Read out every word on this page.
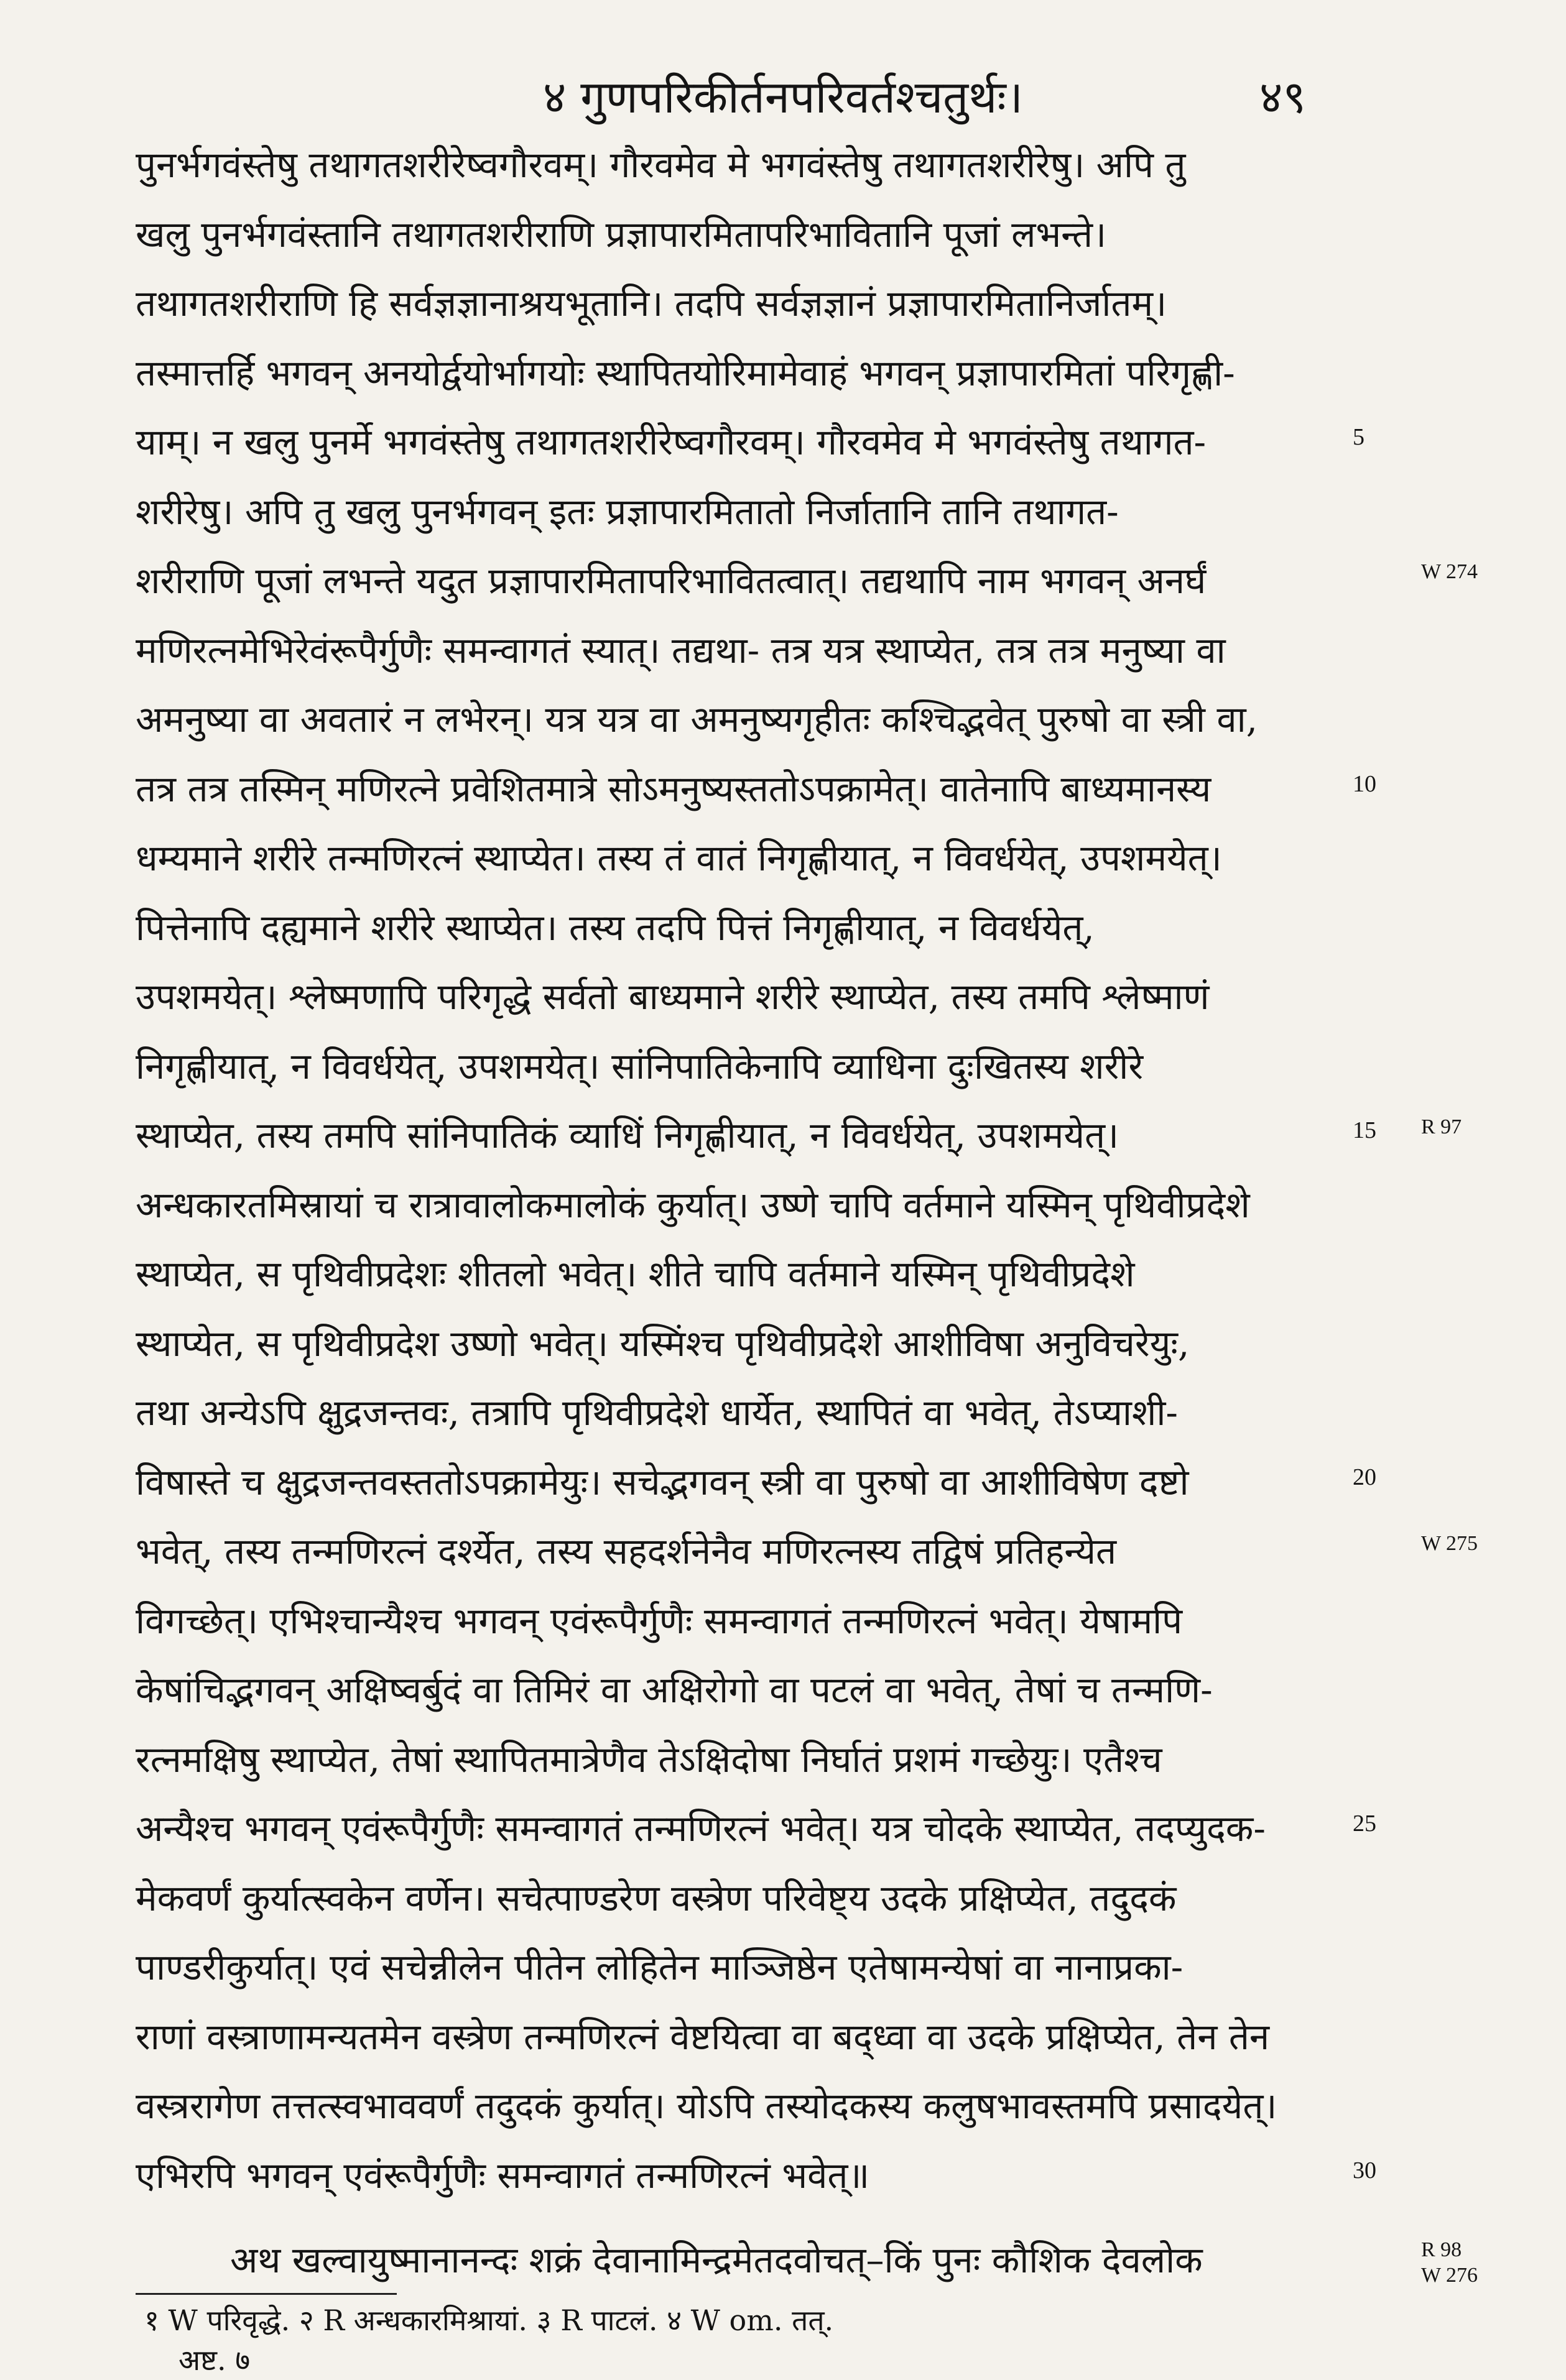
४ गुणपरिकीर्तनपरिवर्तश्चतुर्थः।	४९
पुनर्भगवंस्तेषु तथागतशरीरेष्वगौरवम्। गौरवमेव मे भगवंस्तेषु तथागतशरीरेषु। अपि तु
खलु पुनर्भगवंस्तानि तथागतशरीराणि प्रज्ञापारमितापरिभावितानि पूजां लभन्ते।
तथागतशरीराणि हि सर्वज्ञज्ञानाश्रयभूतानि। तदपि सर्वज्ञज्ञानं प्रज्ञापारमितानिर्जातम्।
तस्मात्तर्हि भगवन् अनयोर्द्वयोर्भागयोः स्थापितयोरिमामेवाहं भगवन् प्रज्ञापारमितां परिगृह्णी-
याम्। न खलु पुनर्मे भगवंस्तेषु तथागतशरीरेष्वगौरवम्। गौरवमेव मे भगवंस्तेषु तथागत-
शरीरेषु। अपि तु खलु पुनर्भगवन् इतः प्रज्ञापारमितातो निर्जातानि तानि तथागत-
शरीराणि पूजां लभन्ते यदुत प्रज्ञापारमितापरिभावितत्वात्। तद्यथापि नाम भगवन् अनर्घं
मणिरत्नमेभिरेवंरूपैर्गुणैः समन्वागतं स्यात्। तद्यथा- तत्र यत्र स्थाप्येत, तत्र तत्र मनुष्या वा
अमनुष्या वा अवतारं न लभेरन्। यत्र यत्र वा अमनुष्यगृहीतः कश्चिद्भवेत् पुरुषो वा स्त्री वा,
तत्र तत्र तस्मिन् मणिरत्ने प्रवेशितमात्रे सोऽमनुष्यस्ततोऽपक्रामेत्। वातेनापि बाध्यमानस्य
धम्यमाने शरीरे तन्मणिरत्नं स्थाप्येत। तस्य तं वातं निगृह्णीयात्, न विवर्धयेत्, उपशमयेत्।
पित्तेनापि दह्यमाने शरीरे स्थाप्येत। तस्य तदपि पित्तं निगृह्णीयात्, न विवर्धयेत्,
उपशमयेत्। श्लेष्मणापि परिगृद्धे सर्वतो बाध्यमाने शरीरे स्थाप्येत, तस्य तमपि श्लेष्माणं
निगृह्णीयात्, न विवर्धयेत्, उपशमयेत्। सांनिपातिकेनापि व्याधिना दुःखितस्य शरीरे
स्थाप्येत, तस्य तमपि सांनिपातिकं व्याधिं निगृह्णीयात्, न विवर्धयेत्, उपशमयेत्।
अन्धकारतमिस्रायां च रात्रावालोकमालोकं कुर्यात्। उष्णे चापि वर्तमाने यस्मिन् पृथिवीप्रदेशे
स्थाप्येत, स पृथिवीप्रदेशः शीतलो भवेत्। शीते चापि वर्तमाने यस्मिन् पृथिवीप्रदेशे
स्थाप्येत, स पृथिवीप्रदेश उष्णो भवेत्। यस्मिंश्च पृथिवीप्रदेशे आशीविषा अनुविचरेयुः,
तथा अन्येऽपि क्षुद्रजन्तवः, तत्रापि पृथिवीप्रदेशे धार्येत, स्थापितं वा भवेत्, तेऽप्याशी-
विषास्ते च क्षुद्रजन्तवस्ततोऽपक्रामेयुः। सचेद्भगवन् स्त्री वा पुरुषो वा आशीविषेण दष्टो
भवेत्, तस्य तन्मणिरत्नं दर्श्येत, तस्य सहदर्शनेनैव मणिरत्नस्य तद्विषं प्रतिहन्येत
विगच्छेत्। एभिश्चान्यैश्च भगवन् एवंरूपैर्गुणैः समन्वागतं तन्मणिरत्नं भवेत्। येषामपि
केषांचिद्भगवन् अक्षिष्वर्बुदं वा तिमिरं वा अक्षिरोगो वा पटलं वा भवेत्, तेषां च तन्मणि-
रत्नमक्षिषु स्थाप्येत, तेषां स्थापितमात्रेणैव तेऽक्षिदोषा निर्घातं प्रशमं गच्छेयुः। एतैश्च
अन्यैश्च भगवन् एवंरूपैर्गुणैः समन्वागतं तन्मणिरत्नं भवेत्। यत्र चोदके स्थाप्येत, तदप्युदक-
मेकवर्णं कुर्यात्स्वकेन वर्णेन। सचेत्पाण्डरेण वस्त्रेण परिवेष्ट्य उदके प्रक्षिप्येत, तदुदकं
पाण्डरीकुर्यात्। एवं सचेन्नीलेन पीतेन लोहितेन माञ्जिष्ठेन एतेषामन्येषां वा नानाप्रका-
राणां वस्त्राणामन्यतमेन वस्त्रेण तन्मणिरत्नं वेष्टयित्वा वा बद्ध्वा वा उदके प्रक्षिप्येत, तेन तेन
वस्त्ररागेण तत्तत्स्वभाववर्णं तदुदकं कुर्यात्। योऽपि तस्योदकस्य कलुषभावस्तमपि प्रसादयेत्।
एभिरपि भगवन् एवंरूपैर्गुणैः समन्वागतं तन्मणिरत्नं भवेत्॥
5
10
15
20
25
30
W 274
R 97
W 275
R 98
W 276
अथ खल्वायुष्मानानन्दः शक्रं देवानामिन्द्रमेतदवोचत्–किं पुनः कौशिक देवलोक
१ W परिवृद्धे. २ R अन्धकारमिश्रायां. ३ R पाटलं. ४ W om. तत्.
अष्ट. ७
